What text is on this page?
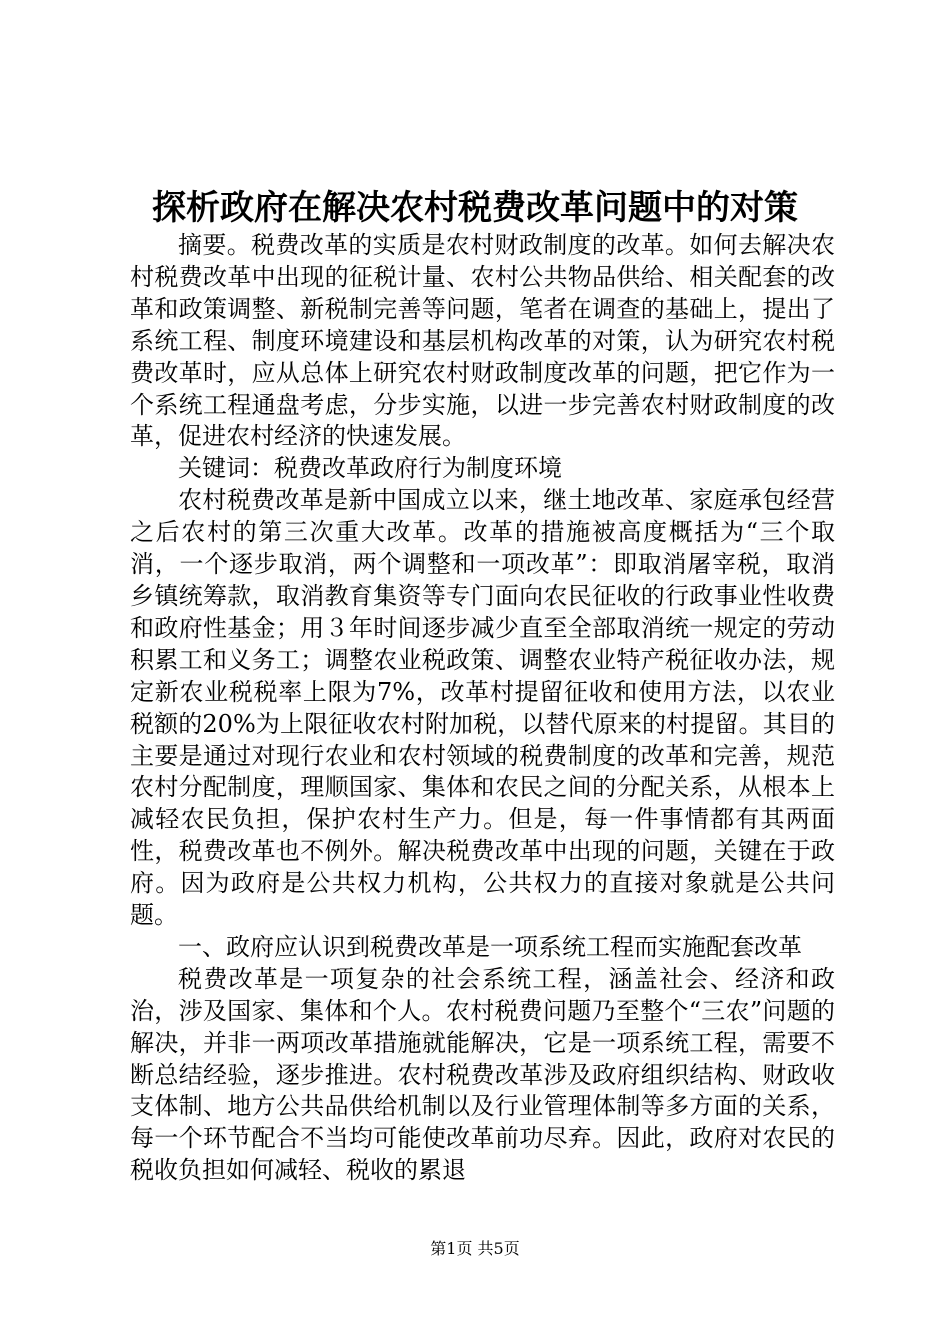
探析政府在解决农村税费改革问题中的对策

摘要。税费改革的实质是农村财政制度的改革。如何去解决农村税费改革中出现的征税计量、农村公共物品供给、相关配套的改革和政策调整、新税制完善等问题，笔者在调查的基础上，提出了系统工程、制度环境建设和基层机构改革的对策，认为研究农村税费改革时，应从总体上研究农村财政制度改革的问题，把它作为一个系统工程通盘考虑，分步实施，以进一步完善农村财政制度的改革，促进农村经济的快速发展。

关键词：税费改革政府行为制度环境

农村税费改革是新中国成立以来，继土地改革、家庭承包经营之后农村的第三次重大改革。改革的措施被高度概括为“三个取消，一个逐步取消，两个调整和一项改革”：即取消屠宰税，取消乡镇统筹款，取消教育集资等专门面向农民征收的行政事业性收费和政府性基金；用３年时间逐步减少直至全部取消统一规定的劳动积累工和义务工；调整农业税政策、调整农业特产税征收办法，规定新农业税税率上限为7%，改革村提留征收和使用方法，以农业税额的20%为上限征收农村附加税，以替代原来的村提留。其目的主要是通过对现行农业和农村领域的税费制度的改革和完善，规范农村分配制度，理顺国家、集体和农民之间的分配关系，从根本上减轻农民负担，保护农村生产力。但是，每一件事情都有其两面性，税费改革也不例外。解决税费改革中出现的问题，关键在于政府。因为政府是公共权力机构，公共权力的直接对象就是公共问题。

一、政府应认识到税费改革是一项系统工程而实施配套改革

税费改革是一项复杂的社会系统工程，涵盖社会、经济和政治，涉及国家、集体和个人。农村税费问题乃至整个“三农”问题的解决，并非一两项改革措施就能解决，它是一项系统工程，需要不断总结经验，逐步推进。农村税费改革涉及政府组织结构、财政收支体制、地方公共品供给机制以及行业管理体制等多方面的关系，每一个环节配合不当均可能使改革前功尽弃。因此，政府对农民的税收负担如何减轻、税收的累退

第1页 共5页
